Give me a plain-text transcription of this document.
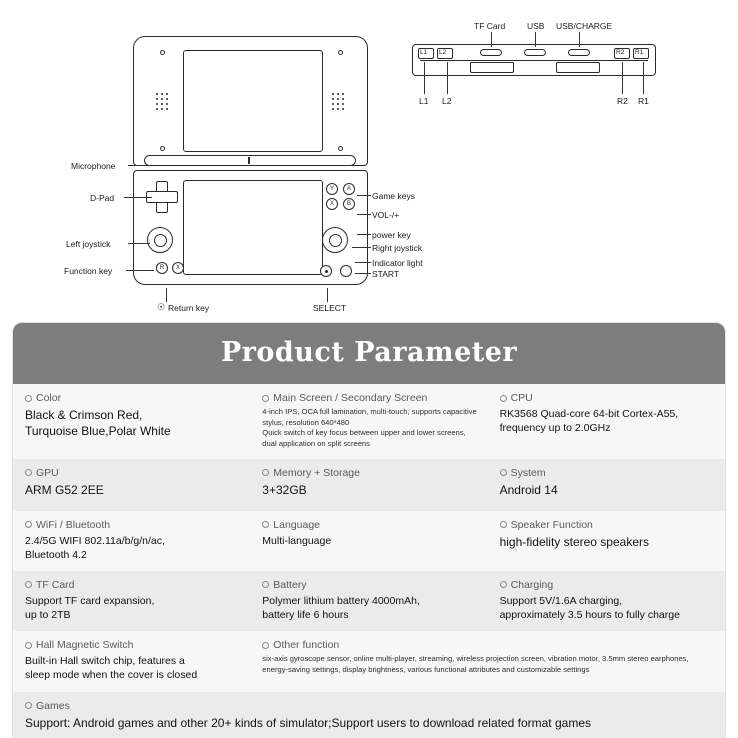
Y	A
X	B
R	X
☉
Microphone
D-Pad
Left joystick
Function key
Return key	SELECT
Game keys
VOL-/+
power key
Right joystick
Indicator light
START
L1 L2	R2 R1
TF Card	USB USB/CHARGE
L1 L2	R2 R1
Product Parameter
Color
Black & Crimson Red,
Turquoise Blue,Polar White
Main Screen / Secondary Screen
4-inch IPS, OCA full lamination, multi-touch, supports capacitive stylus, resolution 640*480
Quick switch of key focus between upper and lower screens, dual application on split screens
CPU
RK3568 Quad-core 64-bit Cortex-A55, frequency up to 2.0GHz
GPU
ARM G52 2EE
Memory + Storage
3+32GB
System
Android 14
WiFi / Bluetooth
2.4/5G WIFI 802.11a/b/g/n/ac,
Bluetooth 4.2
Language
Multi-language
Speaker Function
high-fidelity stereo speakers
TF Card
Support TF card expansion,
up to 2TB
Battery
Polymer lithium battery 4000mAh,
battery life 6 hours
Charging
Support 5V/1.6A charging,
approximately 3.5 hours to fully charge
Hall Magnetic Switch
Built-in Hall switch chip, features a
sleep mode when the cover is closed
Other function
six-axis gyroscope sensor, online multi-player, streaming, wireless projection screen, vibration motor, 3.5mm stereo earphones, energy-saving settings, display brightness, various functional attributes and customizable settings
Games
Support: Android games and other 20+ kinds of simulator;Support users to download related format games
